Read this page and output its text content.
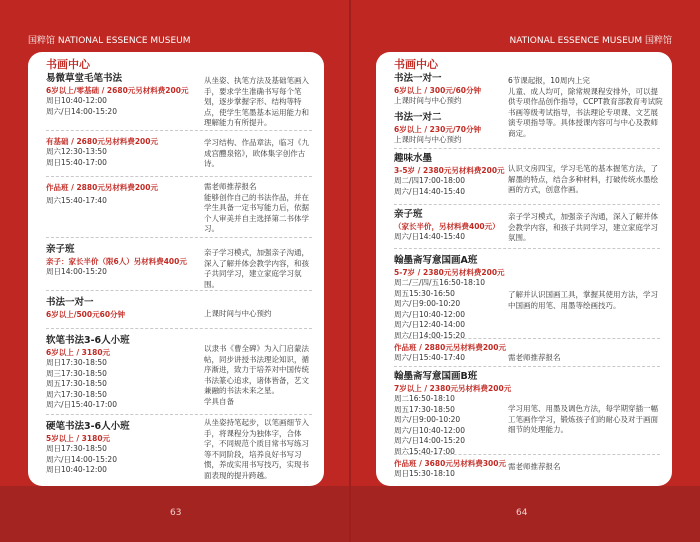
国粹馆 NATIONAL ESSENCE MUSEUM	NATIONAL ESSENCE MUSEUM 国粹馆
书画中心
易微草堂毛笔书法
6岁以上/零基础 / 2680元另材料费200元
周日10:40-12:00
周六/日14:00-15:20
从坐姿、执笔方法及基础笔画入手，要求学生准确书写每个笔划，逐步掌握字形、结构等特点，使学生笔墨基本运用能力和理解能力有所提升。
有基础 / 2680元另材料费200元
周六12:30-13:50
周日15:40-17:00
学习结构、作品章法，临习《九成宫醴泉铭》，欧体集字创作古诗。
作品班 / 2880元另材料费200元
周六15:40-17:40
需老师推荐报名
能够创作自己的书法作品，并在学生具备一定书写能力后，依据个人审美并自主选择第二书体学习。
亲子班
亲子：家长半价（限6人）另材料费400元
周日14:00-15:20
亲子学习模式，加强亲子沟通，深入了解并体会教学内容，和孩子共同学习，建立家庭学习氛围。
书法一对一
6岁以上/500元60分钟	上课时间与中心预约
软笔书法3-6人小班
6岁以上 / 3180元
周日17:30-18:50
周三17:30-18:50
周五17:30-18:50
周六17:30-18:50
周六/日15:40-17:00
以隶书《曹全碑》为入门启蒙法帖，同步讲授书法理论知识，循序渐进，致力于培养对中国传统书法篆心追求，诸体皆备，艺文兼融的书法未来之星。
学具自备
硬笔书法3-6人小班
5岁以上 / 3180元
周日17:30-18:50
周六/日14:00-15:20
周日10:40-12:00
从坐姿持笔起步，以笔画细节入手，将课程分为独体字，合体字，不同规范个质目常书写练习等不同阶段，培养良好书写习惯，养成实用书写技巧，实现书面表现的提升跨越。
书画中心
书法一对一
6岁以上 / 300元/60分钟
上课时间与中心预约
书法一对二
6岁以上 / 230元/70分钟
上课时间与中心预约
6节课起报，10周内上完
儿童、成人均可，除常规课程安排外，可以提供专项作品创作指导，CCPT教育部教育考试院书画等级考试指导，书法理论专项课、文艺展演专项指导等。具体授课内容可与中心及教师商定。
趣味水墨
3-5岁 / 2380元另材料费200元
周二/四17:00-18:00
周六/日14:40-15:40
认识文房四宝，学习毛笔的基本握笔方法，了解墨的特点，结合多种材料，打破传统水墨绘画的方式，创意作画。
亲子班
（家长半价，另材料费400元）
周六/日14:40-15:40
亲子学习模式，加强亲子沟通，深入了解并体会教学内容，和孩子共同学习，建立家庭学习氛围。
翰墨斋写意国画A班
5-7岁 / 2380元另材料费200元
周二/三/四/五16:50-18:10
周五15:30-16:50
周六/日9:00-10:20
周六/日10:40-12:00
周六/日12:40-14:00
周六/日14:00-15:20
了解并认识国画工具，掌握其使用方法，学习中国画的用笔、用墨等绘画技巧。
作品班 / 2880元另材料费200元
周六/日15:40-17:40	需老师推荐报名
翰墨斋写意国画B班
7岁以上 / 2380元另材料费200元
周二16:50-18:10
周五17:30-18:50
周六/日9:00-10:20
周六/日10:40-12:00
周六/日14:00-15:20
周六15:40-17:00
学习用笔、用墨及调色方法，每学期穿插一幅工笔画作学习，锻炼孩子们的耐心及对于画面细节的处理能力。
作品班 / 3680元另材料费300元
周日15:30-18:10
需老师推荐报名
63	64
